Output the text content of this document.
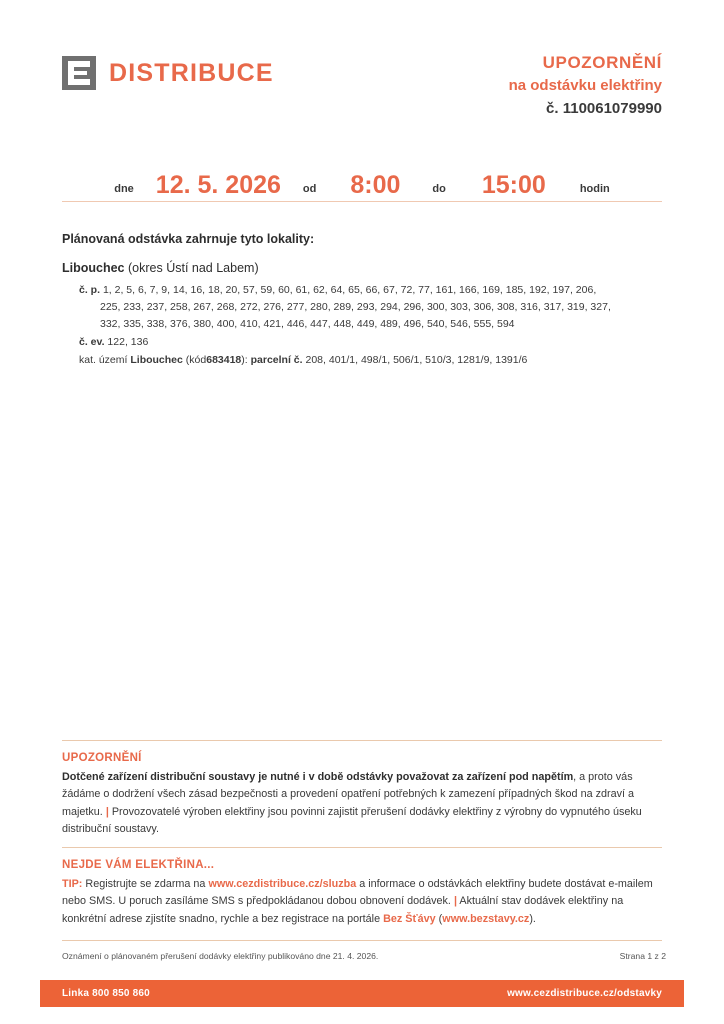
DISTRIBUCE	UPOZORNĚNÍ
na odstávku elektřiny
č. 110061079990
dne 12. 5. 2026 od 8:00	do 15:00	hodin
Plánovaná odstávka zahrnuje tyto lokality:
Libouchec (okres Ústí nad Labem)
č. p. 1, 2, 5, 6, 7, 9, 14, 16, 18, 20, 57, 59, 60, 61, 62, 64, 65, 66, 67, 72, 77, 161, 166, 169, 185, 192, 197, 206,
225, 233, 237, 258, 267, 268, 272, 276, 277, 280, 289, 293, 294, 296, 300, 303, 306, 308, 316, 317, 319, 327,
332, 335, 338, 376, 380, 400, 410, 421, 446, 447, 448, 449, 489, 496, 540, 546, 555, 594
č. ev. 122, 136
kat. území Libouchec (kód683418): parcelní č. 208, 401/1, 498/1, 506/1, 510/3, 1281/9, 1391/6
UPOZORNĚNÍ
Dotčené zařízení distribuční soustavy je nutné i v době odstávky považovat za zařízení pod napětím, a proto vás žádáme o dodržení všech zásad bezpečnosti a provedení opatření potřebných k zamezení případných škod na zdraví a majetku. | Provozovatelé výroben elektřiny jsou povinni zajistit přerušení dodávky elektřiny z výrobny do vypnutého úseku distribuční soustavy.
NEJDE VÁM ELEKTŘINA...
TIP: Registrujte se zdarma na www.cezdistribuce.cz/sluzba a informace o odstávkách elektřiny budete dostávat e-mailem nebo SMS. U poruch zasíláme SMS s předpokládanou dobou obnovení dodávek. | Aktuální stav dodávek elektřiny na konkrétní adrese zjistíte snadno, rychle a bez registrace na portále Bez Šťávy (www.bezstavy.cz).
Oznámení o plánovaném přerušení dodávky elektřiny publikováno dne 21. 4. 2026.	Strana 1 z 2
Linka 800 850 860	www.cezdistribuce.cz/odstavky
